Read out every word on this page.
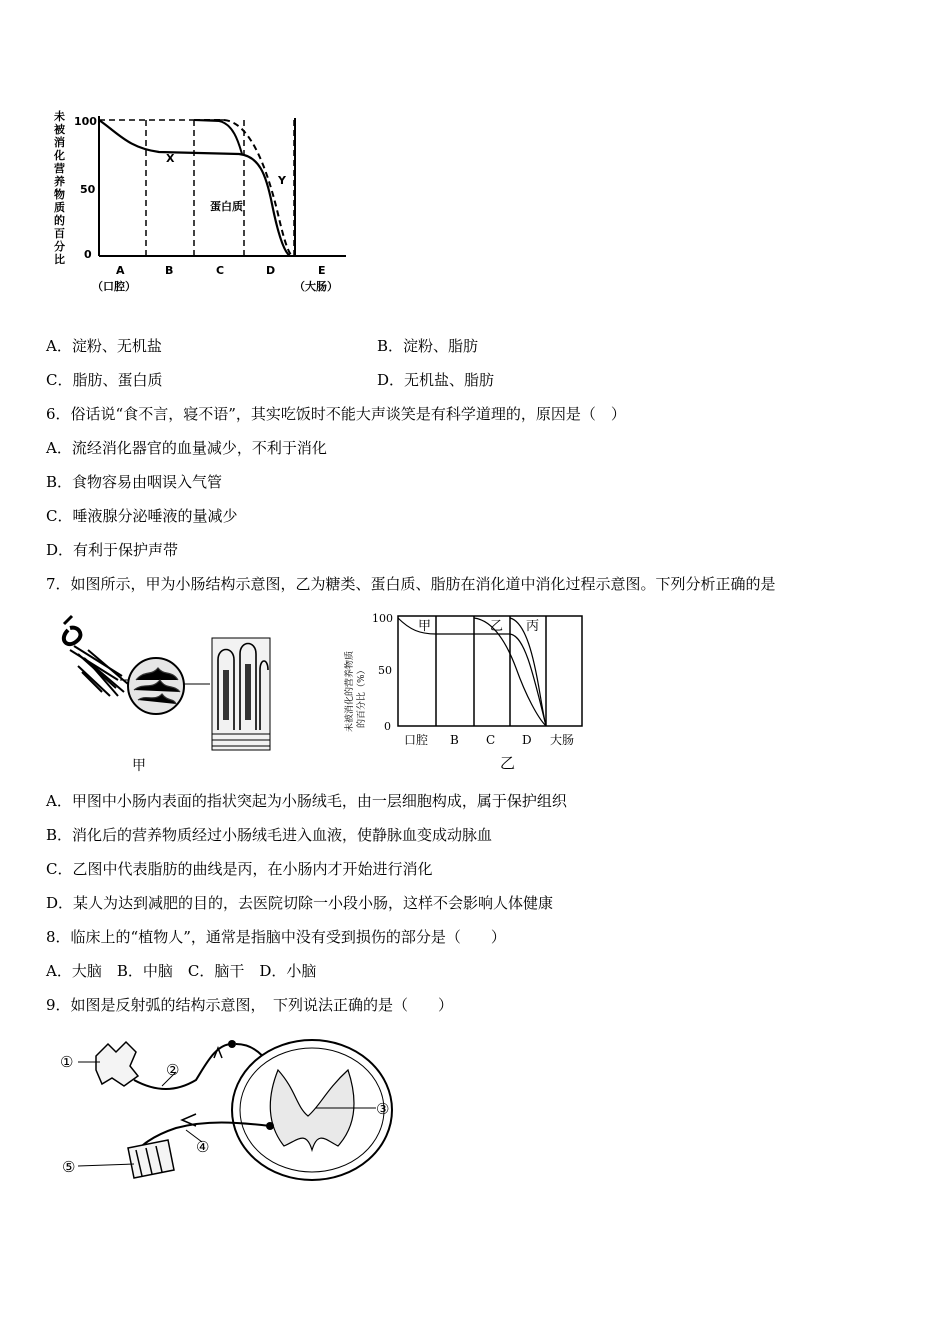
未
被
消
化
营
养
物
质
的
百
分
比
100
50
0
X
Y
蛋白质
A	B	C	D	E
（口腔）	（大肠）
A．淀粉、无机盐	B．淀粉、脂肪
C．脂肪、蛋白质	D．无机盐、脂肪
6．俗话说“食不言，寝不语”，其实吃饭时不能大声谈笑是有科学道理的，原因是（　）
A．流经消化器官的血量减少，不利于消化
B．食物容易由咽误入气管
C．唾液腺分泌唾液的量减少
D．有利于保护声带
7．如图所示，甲为小肠结构示意图，乙为糖类、蛋白质、脂肪在消化道中消化过程示意图。下列分析正确的是
甲
未被消化的营养物质 的百分比（%）
100
50
0
甲	乙 丙
口腔 B C D 大肠
乙
A．甲图中小肠内表面的指状突起为小肠绒毛，由一层细胞构成，属于保护组织
B．消化后的营养物质经过小肠绒毛进入血液，使静脉血变成动脉血
C．乙图中代表脂肪的曲线是丙，在小肠内才开始进行消化
D．某人为达到减肥的目的，去医院切除一小段小肠，这样不会影响人体健康
8．临床上的“植物人”，通常是指脑中没有受到损伤的部分是（　　）
A．大脑　B．中脑　C．脑干　D．小脑
9．如图是反射弧的结构示意图，　下列说法正确的是（　　）
①	②
③
④
⑤
